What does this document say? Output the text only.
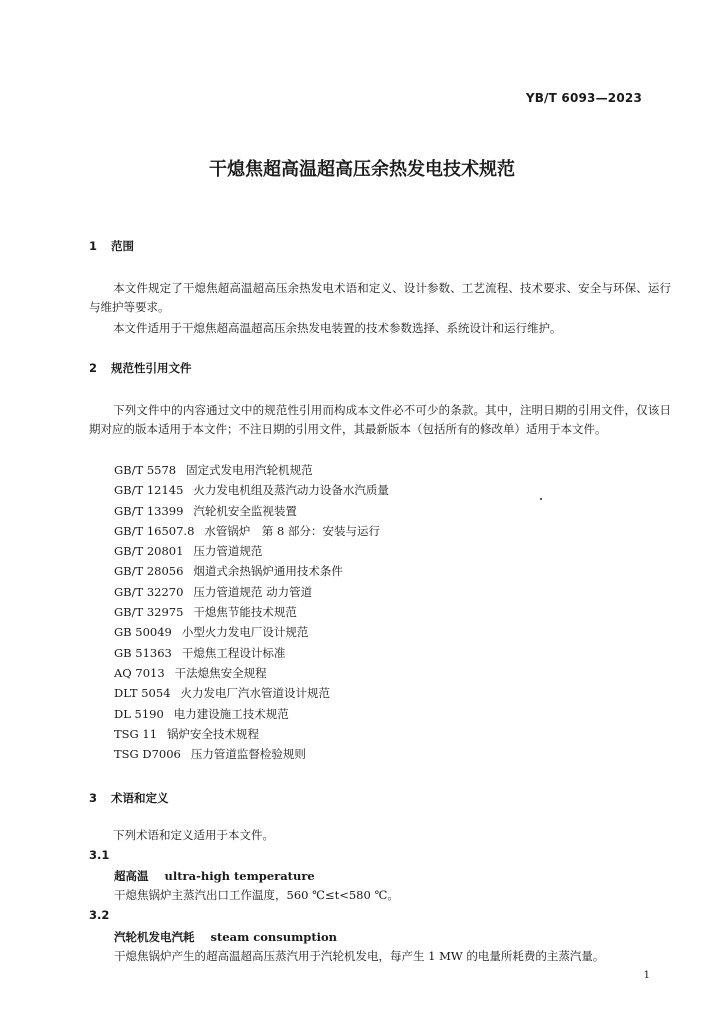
YB/T 6093—2023
干熄焦超高温超高压余热发电技术规范
1 范围
本文件规定了干熄焦超高温超高压余热发电术语和定义、设计参数、工艺流程、技术要求、安全与环保、运行与维护等要求。
本文件适用于干熄焦超高温超高压余热发电装置的技术参数选择、系统设计和运行维护。
2 规范性引用文件
下列文件中的内容通过文中的规范性引用而构成本文件必不可少的条款。其中，注明日期的引用文件，仅该日期对应的版本适用于本文件；不注日期的引用文件，其最新版本（包括所有的修改单）适用于本文件。
GB/T 5578 固定式发电用汽轮机规范
GB/T 12145 火力发电机组及蒸汽动力设备水汽质量
GB/T 13399 汽轮机安全监视装置
GB/T 16507.8 水管锅炉　第 8 部分：安装与运行
GB/T 20801 压力管道规范
GB/T 28056 烟道式余热锅炉通用技术条件
GB/T 32270 压力管道规范 动力管道
GB/T 32975 干熄焦节能技术规范
GB 50049 小型火力发电厂设计规范
GB 51363 干熄焦工程设计标准
AQ 7013 干法熄焦安全规程
DLT 5054 火力发电厂汽水管道设计规范
DL 5190 电力建设施工技术规范
TSG 11 锅炉安全技术规程
TSG D7006 压力管道监督检验规则
3 术语和定义
下列术语和定义适用于本文件。
3.1
超高温 ultra-high temperature
干熄焦锅炉主蒸汽出口工作温度，560 ℃≤t<580 ℃。
3.2
汽轮机发电汽耗 steam consumption
干熄焦锅炉产生的超高温超高压蒸汽用于汽轮机发电，每产生 1 MW 的电量所耗费的主蒸汽量。
1
